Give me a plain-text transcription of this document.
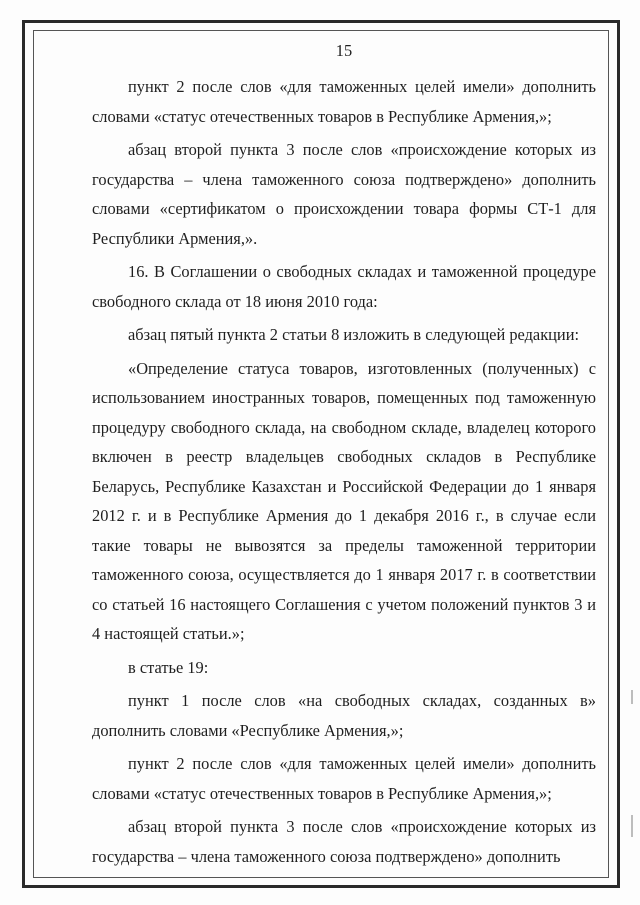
15

пункт 2 после слов «для таможенных целей имели» дополнить словами «статус отечественных товаров в Республике Армения,»;

абзац второй пункта 3 после слов «происхождение которых из государства – члена таможенного союза подтверждено» дополнить словами «сертификатом о происхождении товара формы СТ-1 для Республики Армения,».

16. В Соглашении о свободных складах и таможенной процедуре свободного склада от 18 июня 2010 года:

абзац пятый пункта 2 статьи 8 изложить в следующей редакции:

«Определение статуса товаров, изготовленных (полученных) с использованием иностранных товаров, помещенных под таможенную процедуру свободного склада, на свободном складе, владелец которого включен в реестр владельцев свободных складов в Республике Беларусь, Республике Казахстан и Российской Федерации до 1 января 2012 г. и в Республике Армения до 1 декабря 2016 г., в случае если такие товары не вывозятся за пределы таможенной территории таможенного союза, осуществляется до 1 января 2017 г. в соответствии со статьей 16 настоящего Соглашения с учетом положений пунктов 3 и 4 настоящей статьи.»;

в статье 19:

пункт 1 после слов «на свободных складах, созданных в» дополнить словами «Республике Армения,»;

пункт 2 после слов «для таможенных целей имели» дополнить словами «статус отечественных товаров в Республике Армения,»;

абзац второй пункта 3 после слов «происхождение которых из государства – члена таможенного союза подтверждено» дополнить
